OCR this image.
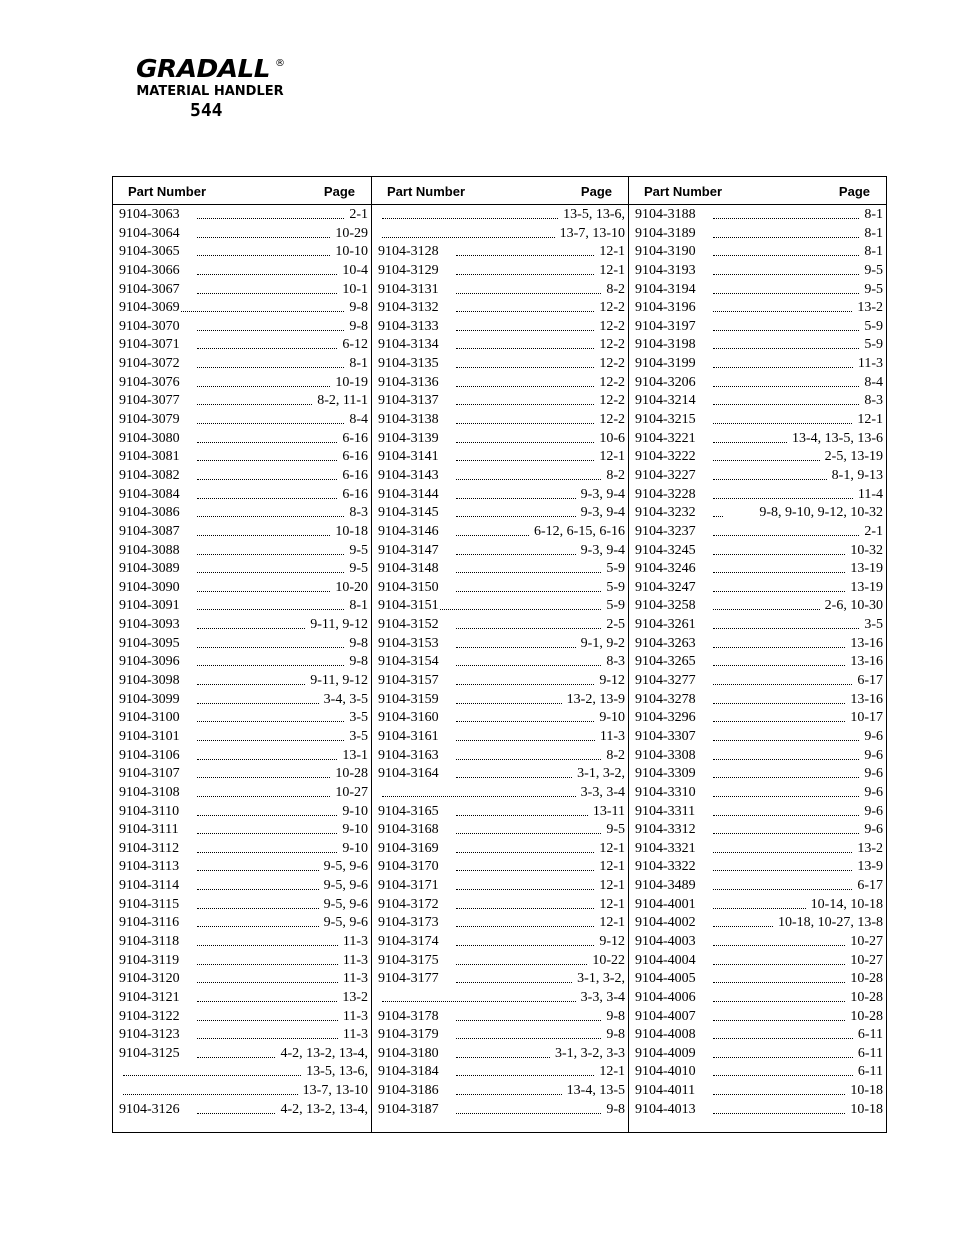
GRADALL ®
MATERIAL HANDLER
544
Part Number	Page
9104-3063	2-1
9104-3064	10-29
9104-3065	10-10
9104-3066	10-4
9104-3067	10-1
9104-3069	9-8
9104-3070	9-8
9104-3071	6-12
9104-3072	8-1
9104-3076	10-19
9104-3077	8-2, 11-1
9104-3079	8-4
9104-3080	6-16
9104-3081	6-16
9104-3082	6-16
9104-3084	6-16
9104-3086	8-3
9104-3087	10-18
9104-3088	9-5
9104-3089	9-5
9104-3090	10-20
9104-3091	8-1
9104-3093	9-11, 9-12
9104-3095	9-8
9104-3096	9-8
9104-3098	9-11, 9-12
9104-3099	3-4, 3-5
9104-3100	3-5
9104-3101	3-5
9104-3106	13-1
9104-3107	10-28
9104-3108	10-27
9104-3110	9-10
9104-3111	9-10
9104-3112	9-10
9104-3113	9-5, 9-6
9104-3114	9-5, 9-6
9104-3115	9-5, 9-6
9104-3116	9-5, 9-6
9104-3118	11-3
9104-3119	11-3
9104-3120	11-3
9104-3121	13-2
9104-3122	11-3
9104-3123	11-3
9104-3125	4-2, 13-2, 13-4,
13-5, 13-6,
13-7, 13-10
9104-3126	4-2, 13-2, 13-4,
Part Number	Page
13-5, 13-6,
13-7, 13-10
9104-3128	12-1
9104-3129	12-1
9104-3131	8-2
9104-3132	12-2
9104-3133	12-2
9104-3134	12-2
9104-3135	12-2
9104-3136	12-2
9104-3137	12-2
9104-3138	12-2
9104-3139	10-6
9104-3141	12-1
9104-3143	8-2
9104-3144	9-3, 9-4
9104-3145	9-3, 9-4
9104-3146	6-12, 6-15, 6-16
9104-3147	9-3, 9-4
9104-3148	5-9
9104-3150	5-9
9104-3151	5-9
9104-3152	2-5
9104-3153	9-1, 9-2
9104-3154	8-3
9104-3157	9-12
9104-3159	13-2, 13-9
9104-3160	9-10
9104-3161	11-3
9104-3163	8-2
9104-3164	3-1, 3-2,
3-3, 3-4
9104-3165	13-11
9104-3168	9-5
9104-3169	12-1
9104-3170	12-1
9104-3171	12-1
9104-3172	12-1
9104-3173	12-1
9104-3174	9-12
9104-3175	10-22
9104-3177	3-1, 3-2,
3-3, 3-4
9104-3178	9-8
9104-3179	9-8
9104-3180	3-1, 3-2, 3-3
9104-3184	12-1
9104-3186	13-4, 13-5
9104-3187	9-8
Part Number	Page
9104-3188	8-1
9104-3189	8-1
9104-3190	8-1
9104-3193	9-5
9104-3194	9-5
9104-3196	13-2
9104-3197	5-9
9104-3198	5-9
9104-3199	11-3
9104-3206	8-4
9104-3214	8-3
9104-3215	12-1
9104-3221	13-4, 13-5, 13-6
9104-3222	2-5, 13-19
9104-3227	8-1, 9-13
9104-3228	11-4
9104-3232	9-8, 9-10, 9-12, 10-32
9104-3237	2-1
9104-3245	10-32
9104-3246	13-19
9104-3247	13-19
9104-3258	2-6, 10-30
9104-3261	3-5
9104-3263	13-16
9104-3265	13-16
9104-3277	6-17
9104-3278	13-16
9104-3296	10-17
9104-3307	9-6
9104-3308	9-6
9104-3309	9-6
9104-3310	9-6
9104-3311	9-6
9104-3312	9-6
9104-3321	13-2
9104-3322	13-9
9104-3489	6-17
9104-4001	10-14, 10-18
9104-4002	10-18, 10-27, 13-8
9104-4003	10-27
9104-4004	10-27
9104-4005	10-28
9104-4006	10-28
9104-4007	10-28
9104-4008	6-11
9104-4009	6-11
9104-4010	6-11
9104-4011	10-18
9104-4013	10-18
